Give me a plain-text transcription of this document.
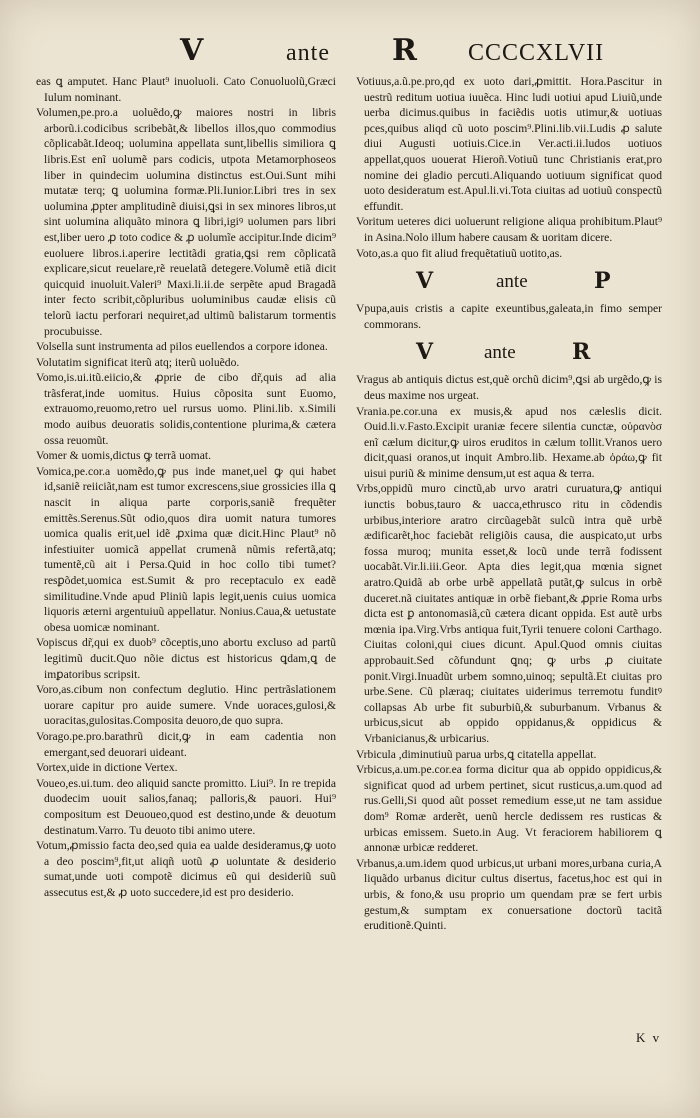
V	ante R CCCCXLVII

eas ꝗ amputet. Hanc Plaut⁹ inuoluoli. Cato Conuoluolũ,Græci Iulum nominant.

Volumen,pe.pro.a uoluẽdo,ꝙ maiores nostri in libris arborũ.i.codicibus scribebãt,& libellos illos,quo commodius cõplicabãt.Ideoq; uolumina appellata sunt,libellis similiora ꝗ libris.Est enĩ uolumẽ pars codicis, utpota Metamorphoseos liber in quindecim uolumina distinctus est.Oui.Sunt mihi mutatæ terq; ꝗ uolumina formæ.Pli.Iunior.Libri tres in sex uolumina ꝓpter amplitudinẽ diuisi,ꝗsi in sex minores libros,ut sint uolumina aliquãto minora ꝗ libri,igiꝰ uolumen pars libri est,liber uero ꝓ toto codice & ꝓ uolumĩe accipitur.Inde dicim⁹ euoluere libros.i.aperire lectitãdi gratia,ꝗsi rem cõplicatã explicare,sicut reuelare,rẽ reuelatã detegere.Volumẽ etiã dicit quicquid inuoluit.Valeri⁹ Maxi.li.ii.de serpẽte apud Bragadã inter fecto scribit,cõpluribus uoluminibus caudæ elisis cũ telorũ iactu perforari nequiret,ad ultimũ balistarum tormentis procubuisse.

Volsella sunt instrumenta ad pilos euellendos a corpore idonea.

Volutatim significat iterũ atq; iterũ uoluẽdo.

Vomo,is.ui.itũ.eiicio,& ꝓprie de cibo dr̃,quis ad alia trãsferat,inde uomitus. Huius cõposita sunt Euomo, extrauomo,reuomo,retro uel rursus uomo. Plini.lib. x.Simili modo auibus deuoratis solidis,contentione plurima,& cætera ossa reuomũt.

Vomer & uomis,dictus ꝙ terrã uomat.

Vomica,pe.cor.a uomẽdo,ꝙ pus inde manet,uel ꝙ qui habet id,saniẽ reiiciãt,nam est tumor excrescens,siue grossicies illa ꝗ nascit in aliqua parte corporis,saniẽ frequẽter emittẽs.Serenus.Sũt odio,quos dira uomit natura tumores uomica qualis erit,uel idẽ ꝓxima quæ dicit.Hinc Plaut⁹ nõ infestiuiter uomicã appellat crumenã nũmis refertã,atq; tumentẽ,cũ ait i Persa.Quid in hoc collo tibi tumet?resꝑõdet,uomica est.Sumit & pro receptaculo ex eadẽ similitudine.Vnde apud Pliniũ lapis legit,uenis cuius uomica liquoris æterni argentuiuũ appellatur. Nonius.Caua,& uetustate obesa uomicæ nominant.

Vopiscus dr̃,qui ex duob⁹ cõceptis,uno abortu excluso ad partũ legitimũ ducit.Quo nõie dictus est historicus ꝗdam,ꝗ de imꝑatoribus scripsit.

Voro,as.cibum non confectum deglutio. Hinc pertrãslationem uorare capitur pro auide sumere. Vnde uoraces,gulosi,& uoracitas,gulositas.Composita deuoro,de quo supra.

Vorago.pe.pro.barathrũ dicit,ꝙ in eam cadentia non emergant,sed deuorari uideant.

Vortex,uide in dictione Vertex.

Voueo,es.ui.tum. deo aliquid sancte promitto. Liui⁹. In re trepida duodecim uouit salios,fanaq; palloris,& pauori. Hui⁹ compositum est Deuoueo,quod est destino,unde & deuotum destinatum.Varro. Tu deuoto tibi animo utere.

Votum,ꝓmissio facta deo,sed quia ea ualde desideramus,ꝙ uoto a deo poscim⁹,fit,ut aliqñ uotũ ꝓ uoluntate & desiderio sumat,unde uoti compotẽ dicimus eũ qui desideriũ suũ assecutus est,& ꝓ uoto succedere,id est pro desiderio.

Votiuus,a.ũ.pe.pro,qd ex uoto dari,ꝓmittit. Hora.Pascitur in uestrũ reditum uotiua iuuẽca. Hinc ludi uotiui apud Liuiũ,unde uerba dicimus.quibus in faciẽdis uotis utimur,& uotiuas pces,quibus aliqd cũ uoto poscim⁹.Plini.lib.vii.Ludis ꝓ salute diui Augusti uotiuis.Cice.in Ver.acti.ii.ludos uotiuos appellat,quos uouerat Hieroñ.Votiuũ tunc Christianis erat,pro nomine dei gladio percuti.Aliquando uotiuum significat quod uoto desideratum est.Apul.li.vi.Tota ciuitas ad uotiuũ conspectũ effundit.

Voritum ueteres dici uoluerunt religione aliqua prohibitum.Plaut⁹ in Asina.Nolo illum habere causam & uoritam dicere.

Voto,as.a quo fit aliud frequẽtatiuũ uotito,as.

V	ante	P

Vpupa,auis cristis a capite exeuntibus,galeata,in fimo semper commorans.

V	ante	R

Vragus ab antiquis dictus est,quẽ orchũ dicim⁹,ꝗsi ab urgẽdo,ꝙ is deus maxime nos urgeat.

Vrania.pe.cor.una ex musis,& apud nos cæleslis dicit. Ouid.li.v.Fasto.Excipit uraniæ fecere silentia cunctæ, οὐρανὸσ enĩ cælum dicitur,ꝙ uiros eruditos in cælum tollit.Vranos uero dicit,quasi oranos,ut inquit Ambro.lib. Hexame.ab ὁράω,ꝙ fit uisui puriũ & minime densum,ut est aqua & terra.

Vrbs,oppidũ muro cinctũ,ab urvo aratri curuatura,ꝙ antiqui iunctis bobus,tauro & uacca,ethrusco ritu in cõdendis urbibus,interiore aratro circũagebãt sulcũ intra quẽ urbẽ ædificarẽt,hoc faciebãt religiõis causa, die auspicato,ut urbs fossa muroq; munita esset,& locũ unde terrã fodissent uocabãt.Vir.li.iii.Geor. Apta dies legit,qua mœnia signet aratro.Quidã ab orbe urbẽ appellatã putãt,ꝙ sulcus in orbẽ duceret.nã ciuitates antiquæ in orbẽ fiebant,& ꝓprie Roma urbs dicta est ꝑ antonomasiã,cũ cætera dicant oppida. Est autẽ urbs mœnia ipa.Virg.Vrbs antiqua fuit,Tyrii tenuere coloni Carthago. Ciuitas coloni,qui ciues dicunt. Apul.Quod omnis ciuitas approbauit.Sed cõfundunt ꝗnq; ꝙ urbs ꝓ ciuitate ponit.Virgi.Inuadũt urbem somno,uinoq; sepultã.Et ciuitas pro urbe.Sene. Cũ plæraq; ciuitates uiderimus terremotu funditꝰ collapsas Ab urbe fit suburbiũ,& suburbanum. Vrbanus & urbicus,sicut ab oppido oppidanus,& oppidicus & Vrbanicianus,& urbicarius.

Vrbicula ,diminutiuũ parua urbs,ꝗ citatella appellat.

Vrbicus,a.um.pe.cor.ea forma dicitur qua ab oppido oppidicus,& significat quod ad urbem pertinet, sicut rusticus,a.um.quod ad rus.Gelli,Si quod aũt posset remedium esse,ut ne tam assidue dom⁹ Romæ arderẽt, uenũ hercle dedissem res rusticas & urbicas emissem. Sueto.in Aug. Vt feraciorem habiliorem ꝗ annonæ urbicæ redderet.

Vrbanus,a.um.idem quod urbicus,ut urbani mores,urbana curia,A liquãdo urbanus dicitur cultus disertus, facetus,hoc est qui in urbis, & fono,& usu proprio um quendam præ se fert urbis gestum,& sumptam ex conuersatione doctorũ tacitã eruditionẽ.Quinti.

K v
